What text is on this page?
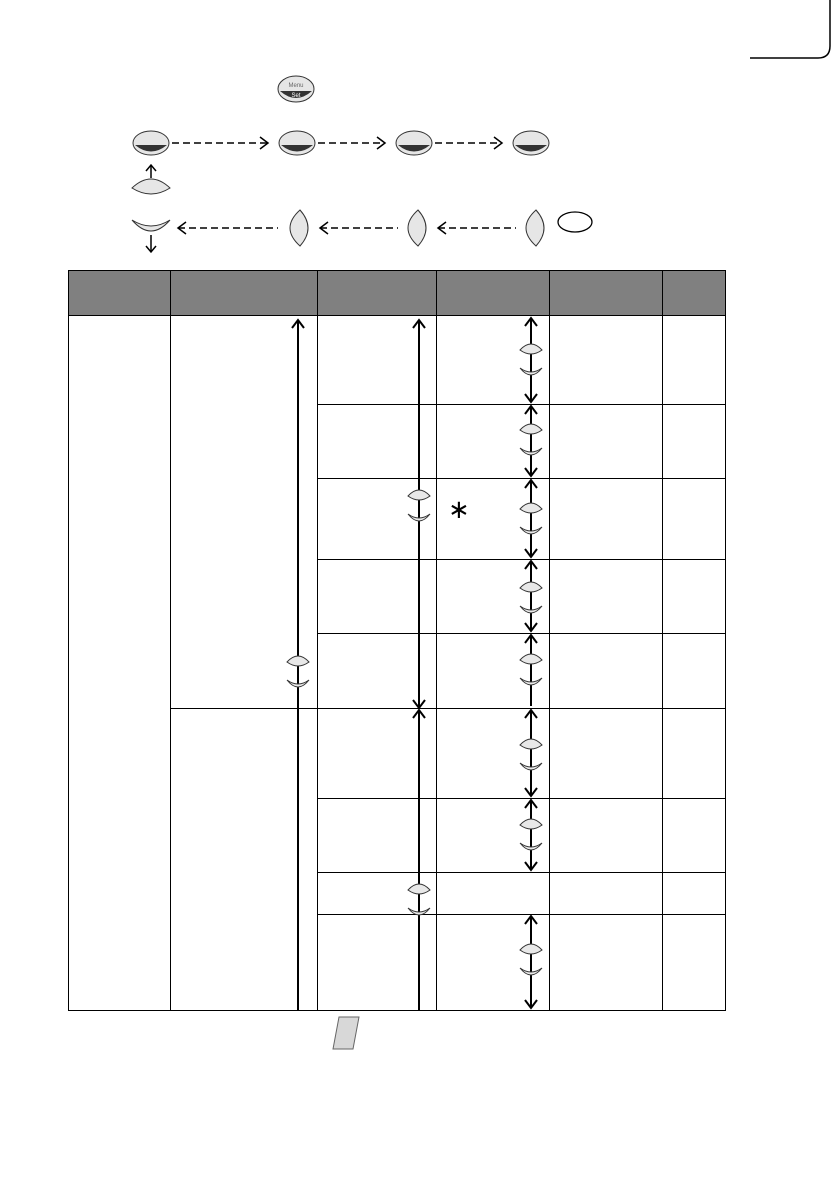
Menu
Set
∗
